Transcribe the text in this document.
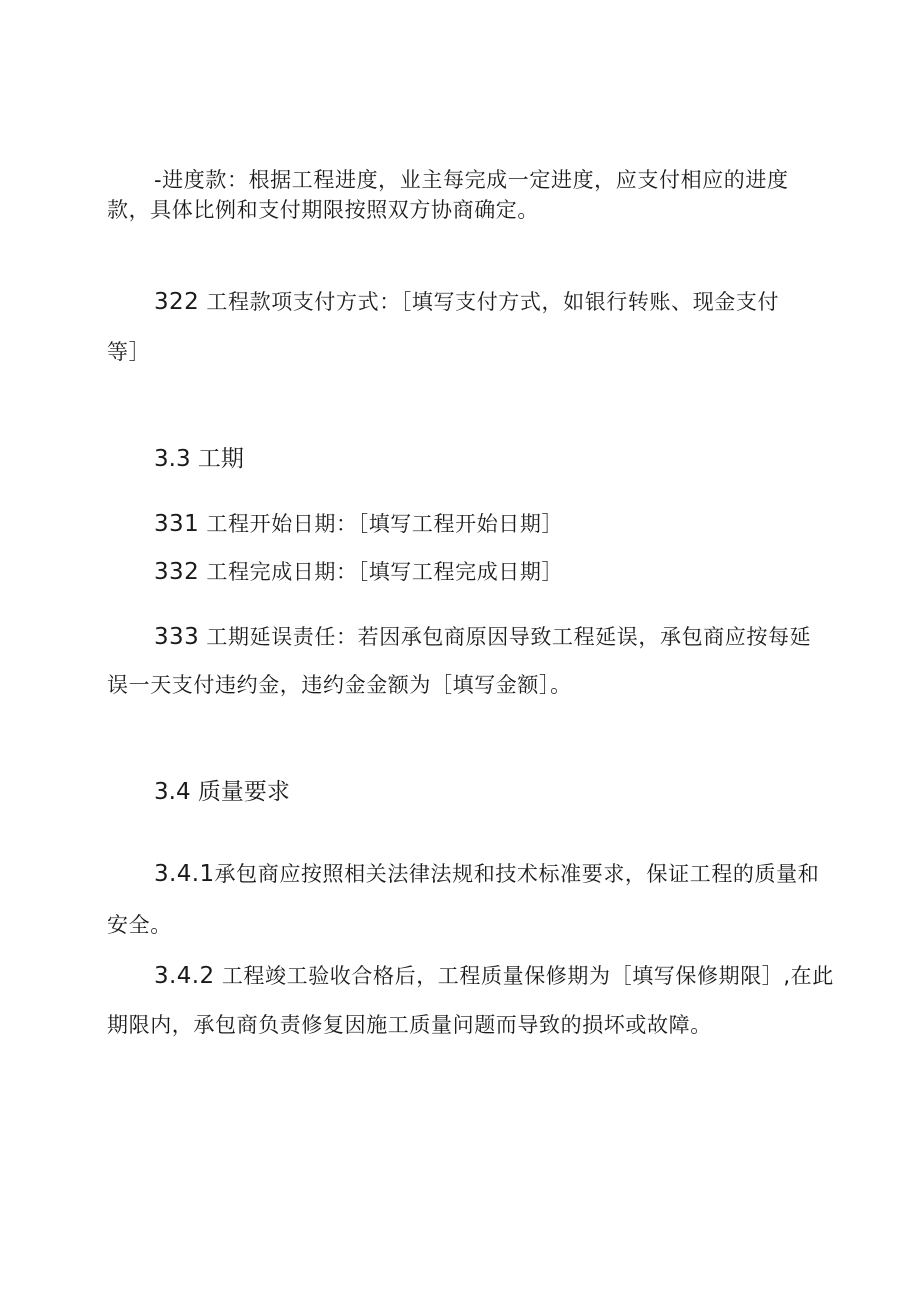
-进度款：根据工程进度，业主每完成一定进度，应支付相应的进度
款，具体比例和支付期限按照双方协商确定。
322 工程款项支付方式：［填写支付方式，如银行转账、现金支付
等］
3.3 工期
331 工程开始日期：［填写工程开始日期］
332 工程完成日期：［填写工程完成日期］
333 工期延误责任：若因承包商原因导致工程延误，承包商应按每延
误一天支付违约金，违约金金额为［填写金额］。
3.4 质量要求
3.4.1承包商应按照相关法律法规和技术标准要求，保证工程的质量和
安全。
3.4.2 工程竣工验收合格后，工程质量保修期为［填写保修期限］,在此
期限内，承包商负责修复因施工质量问题而导致的损坏或故障。
